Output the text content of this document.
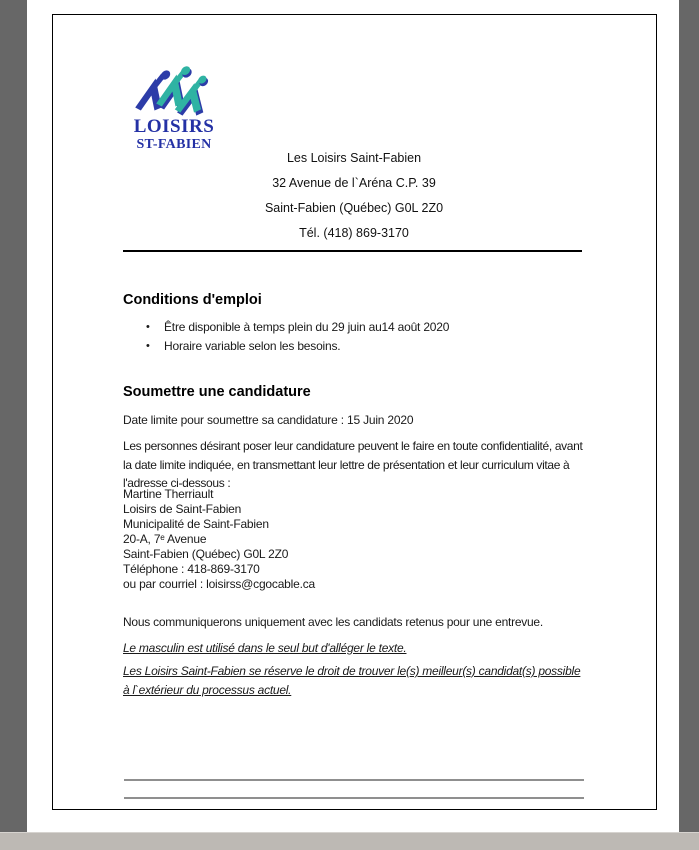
LOISIRS
ST-FABIEN
Les Loisirs Saint-Fabien
32 Avenue de l`Aréna C.P. 39
Saint-Fabien (Québec) G0L 2Z0
Tél. (418) 869-3170
Conditions d'emploi
•	Être disponible à temps plein du 29 juin au14 août 2020
•	Horaire variable selon les besoins.
Soumettre une candidature
Date limite pour soumettre sa candidature : 15 Juin 2020
Les personnes désirant poser leur candidature peuvent le faire en toute confidentialité, avant la date limite indiquée, en transmettant leur lettre de présentation et leur curriculum vitae à l'adresse ci-dessous :
Martine Therriault
Loisirs de Saint-Fabien
Municipalité de Saint-Fabien
20-A, 7ᵉ Avenue
Saint-Fabien (Québec) G0L 2Z0
Téléphone : 418-869-3170
ou par courriel : loisirss@cgocable.ca
Nous communiquerons uniquement avec les candidats retenus pour une entrevue.
Le masculin est utilisé dans le seul but d'alléger le texte.
Les Loisirs Saint-Fabien se réserve le droit de trouver le(s) meilleur(s) candidat(s) possible à l`extérieur du processus actuel.
